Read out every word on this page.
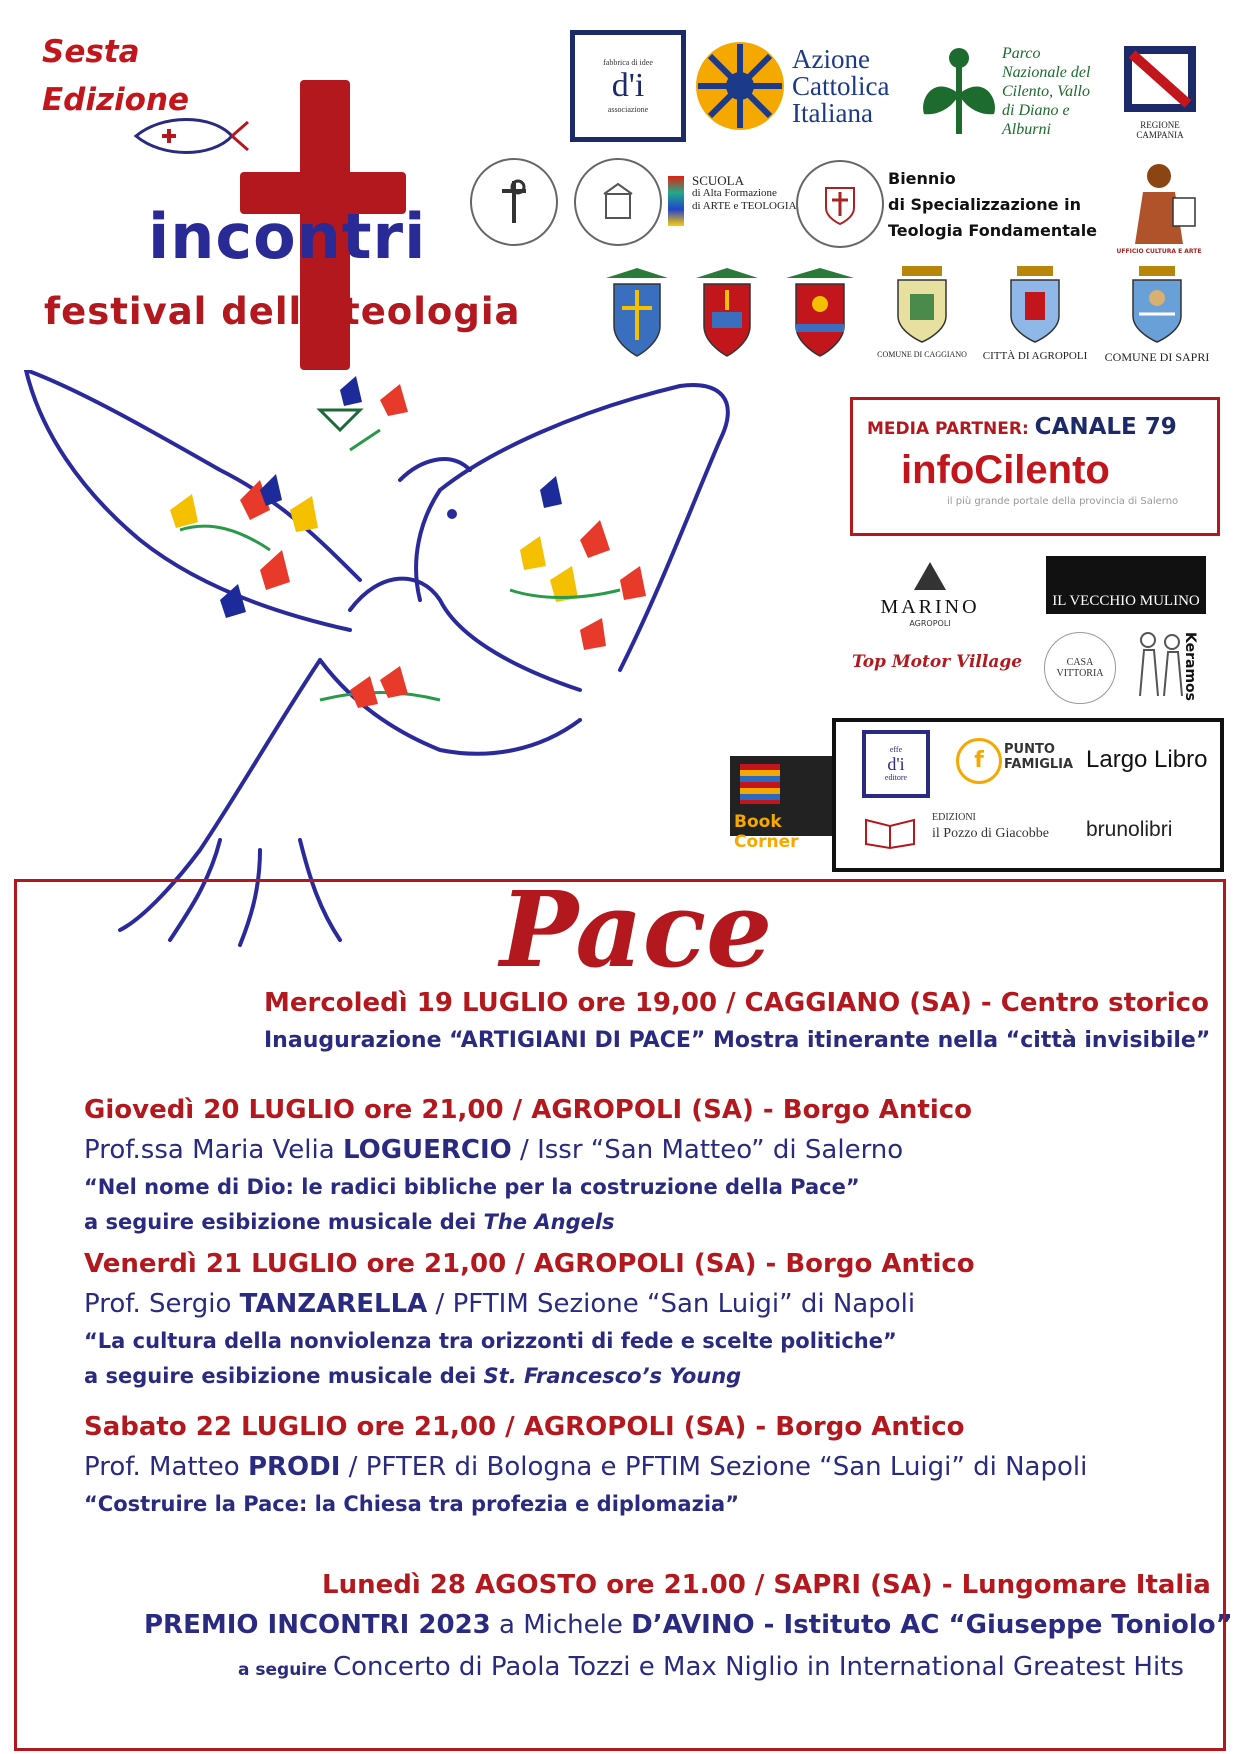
Sesta
Edizione
incontri
festival della teologia
fabbrica di idee
d'i
associazione
Azione
Cattolica
Italiana
Parco Nazionale del Cilento, Vallo di Diano e Alburni	REGIONE CAMPANIA
SCUOLA
di Alta Formazione
di ARTE e TEOLOGIA
Biennio
di Specializzazione in
Teologia Fondamentale
UFFICIO CULTURA E ARTE
COMUNE DI CAGGIANO	CITTÀ DI AGROPOLI	COMUNE DI SAPRI
MEDIA PARTNER: CANALE 79
infoCilento
il più grande portale della provincia di Salerno
MARINO
AGROPOLI
IL VECCHIO MULINO
Keramos
Top Motor Village	CASA
VITTORIA
Book Corner
effe
d'i
editore
f	PUNTO
FAMIGLIA Largo Libro
EDIZIONI
il Pozzo di Giacobbe brunolibri
Pace
Mercoledì 19 LUGLIO ore 19,00 / CAGGIANO (SA) - Centro storico
Inaugurazione “ARTIGIANI DI PACE” Mostra itinerante nella “città invisibile”
Giovedì 20 LUGLIO ore 21,00 / AGROPOLI (SA) - Borgo Antico
Prof.ssa Maria Velia LOGUERCIO / Issr “San Matteo” di Salerno
“Nel nome di Dio: le radici bibliche per la costruzione della Pace”
a seguire esibizione musicale dei The Angels
Venerdì 21 LUGLIO ore 21,00 / AGROPOLI (SA) - Borgo Antico
Prof. Sergio TANZARELLA / PFTIM Sezione “San Luigi” di Napoli
“La cultura della nonviolenza tra orizzonti di fede e scelte politiche”
a seguire esibizione musicale dei St. Francesco’s Young
Sabato 22 LUGLIO ore 21,00 / AGROPOLI (SA) - Borgo Antico
Prof. Matteo PRODI / PFTER di Bologna e PFTIM Sezione “San Luigi” di Napoli
“Costruire la Pace: la Chiesa tra profezia e diplomazia”
Lunedì 28 AGOSTO ore 21.00 / SAPRI (SA) - Lungomare Italia
PREMIO INCONTRI 2023 a Michele D’AVINO - Istituto AC “Giuseppe Toniolo”
a seguire Concerto di Paola Tozzi e Max Niglio in International Greatest Hits
